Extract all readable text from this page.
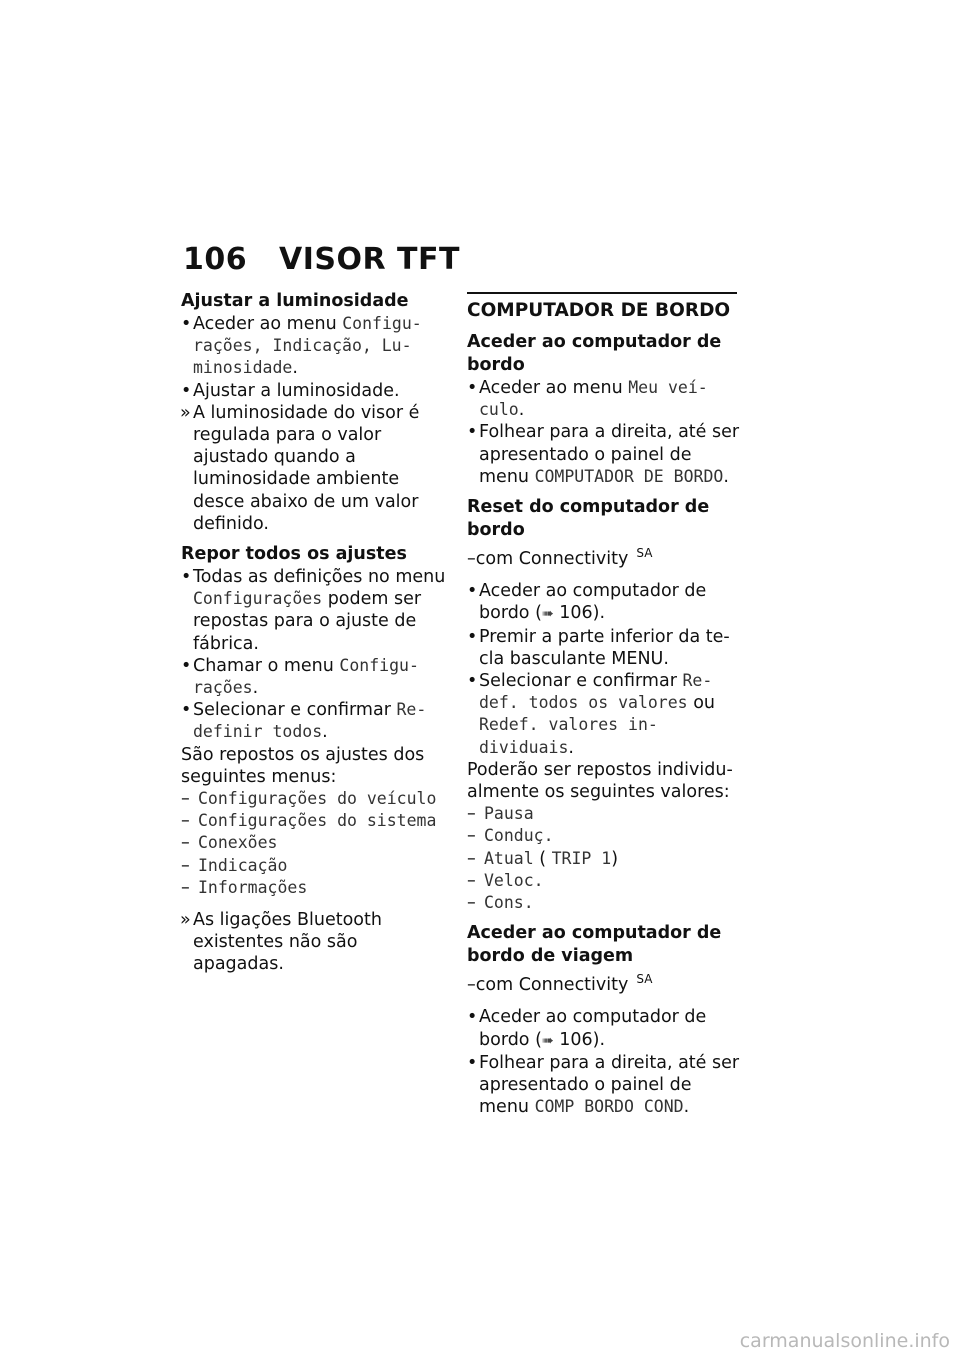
106 VISOR TFT
Ajustar a luminosidade
• Aceder ao menu Configurações, Indicação, Luminosidade.
• Ajustar a luminosidade.
» A luminosidade do visor é regulada para o valor ajustado quando a luminosidade ambiente desce abaixo de um valor definido.
Repor todos os ajustes
• Todas as definições no menu Configurações podem ser repostas para o ajuste de fábrica.
• Chamar o menu Configurações.
• Selecionar e confirmar Redefinir todos.
São repostos os ajustes dos seguintes menus:
– Configurações do veículo
– Configurações do sistema
– Conexões
– Indicação
– Informações
» As ligações Bluetooth existentes não são apagadas.
COMPUTADOR DE BORDO
Aceder ao computador de bordo
• Aceder ao menu Meu veículo.
• Folhear para a direita, até ser apresentado o painel de menu COMPUTADOR DE BORDO.
Reset do computador de bordo
–com Connectivity $^{SA}$
• Aceder ao computador de bordo (➠ 106).
• Premir a parte inferior da tecla basculante MENU.
• Selecionar e confirmar Redef. todos os valores ou Redef. valores individuais.
Poderão ser repostos individualmente os seguintes valores:
– Pausa
– Conduç.
– Atual ( TRIP 1)
– Veloc.
– Cons.
Aceder ao computador de bordo de viagem
–com Connectivity $^{SA}$
• Aceder ao computador de bordo (➠ 106).
• Folhear para a direita, até ser apresentado o painel de menu COMP BORDO COND.
carmanualsonline.info
